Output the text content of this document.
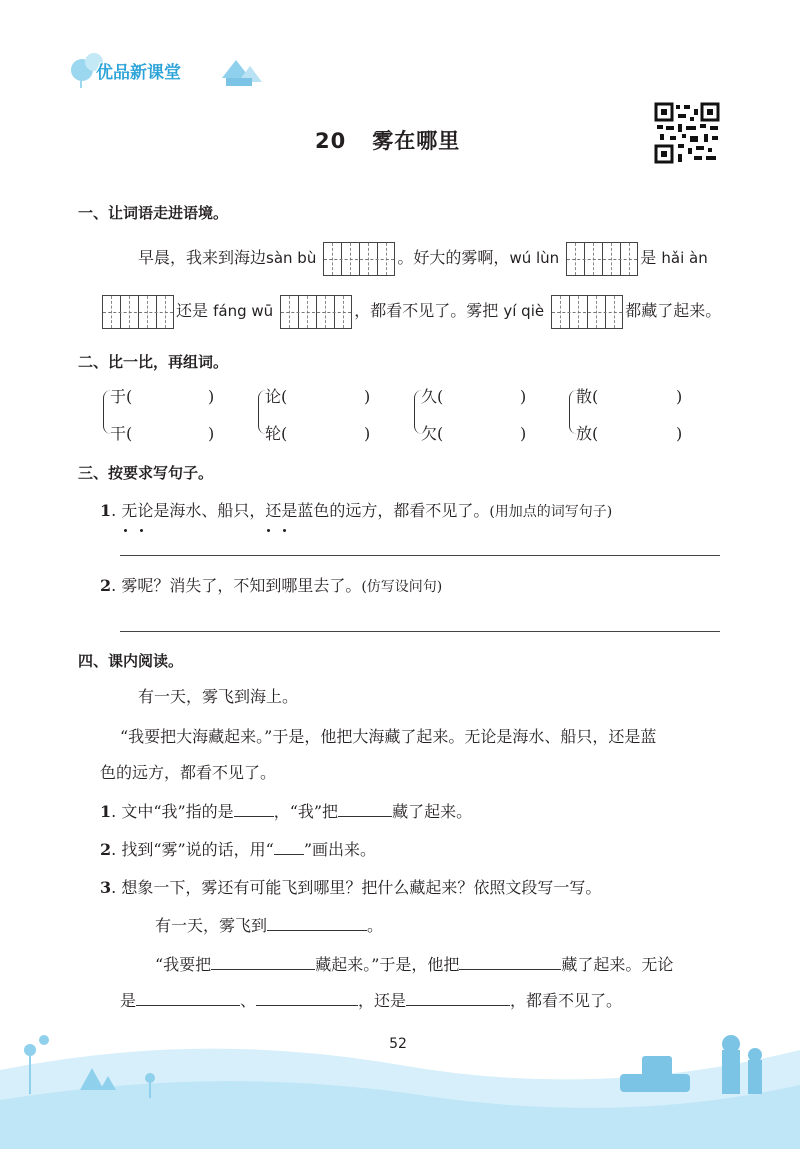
优品新课堂
20 雾在哪里
一、让词语走进语境。
早晨，我来到海边sàn bù	。好大的雾啊，wú lùn	是 hǎi àn
还是 fáng wū	，都看不见了。雾把 yí qiè	都藏了起来。
二、比一比，再组词。
于(	)
干(	)
论(	)
轮(	)
久(	)
欠(	)
散(	)
放(	)
三、按要求写句子。
1. 无论是海水、船只，还是蓝色的远方，都看不见了。(用加点的词写句子)
2. 雾呢？消失了，不知到哪里去了。(仿写设问句)
四、课内阅读。
有一天，雾飞到海上。
“我要把大海藏起来。”于是，他把大海藏了起来。无论是海水、船只，还是蓝
色的远方，都看不见了。
1. 文中“我”指的是	，“我”把	藏了起来。
2. 找到“雾”说的话，用“ ”画出来。
3. 想象一下，雾还有可能飞到哪里？把什么藏起来？依照文段写一写。
有一天，雾飞到	。
“我要把	藏起来。”于是，他把	藏了起来。无论
是	、	，还是	，都看不见了。
52
